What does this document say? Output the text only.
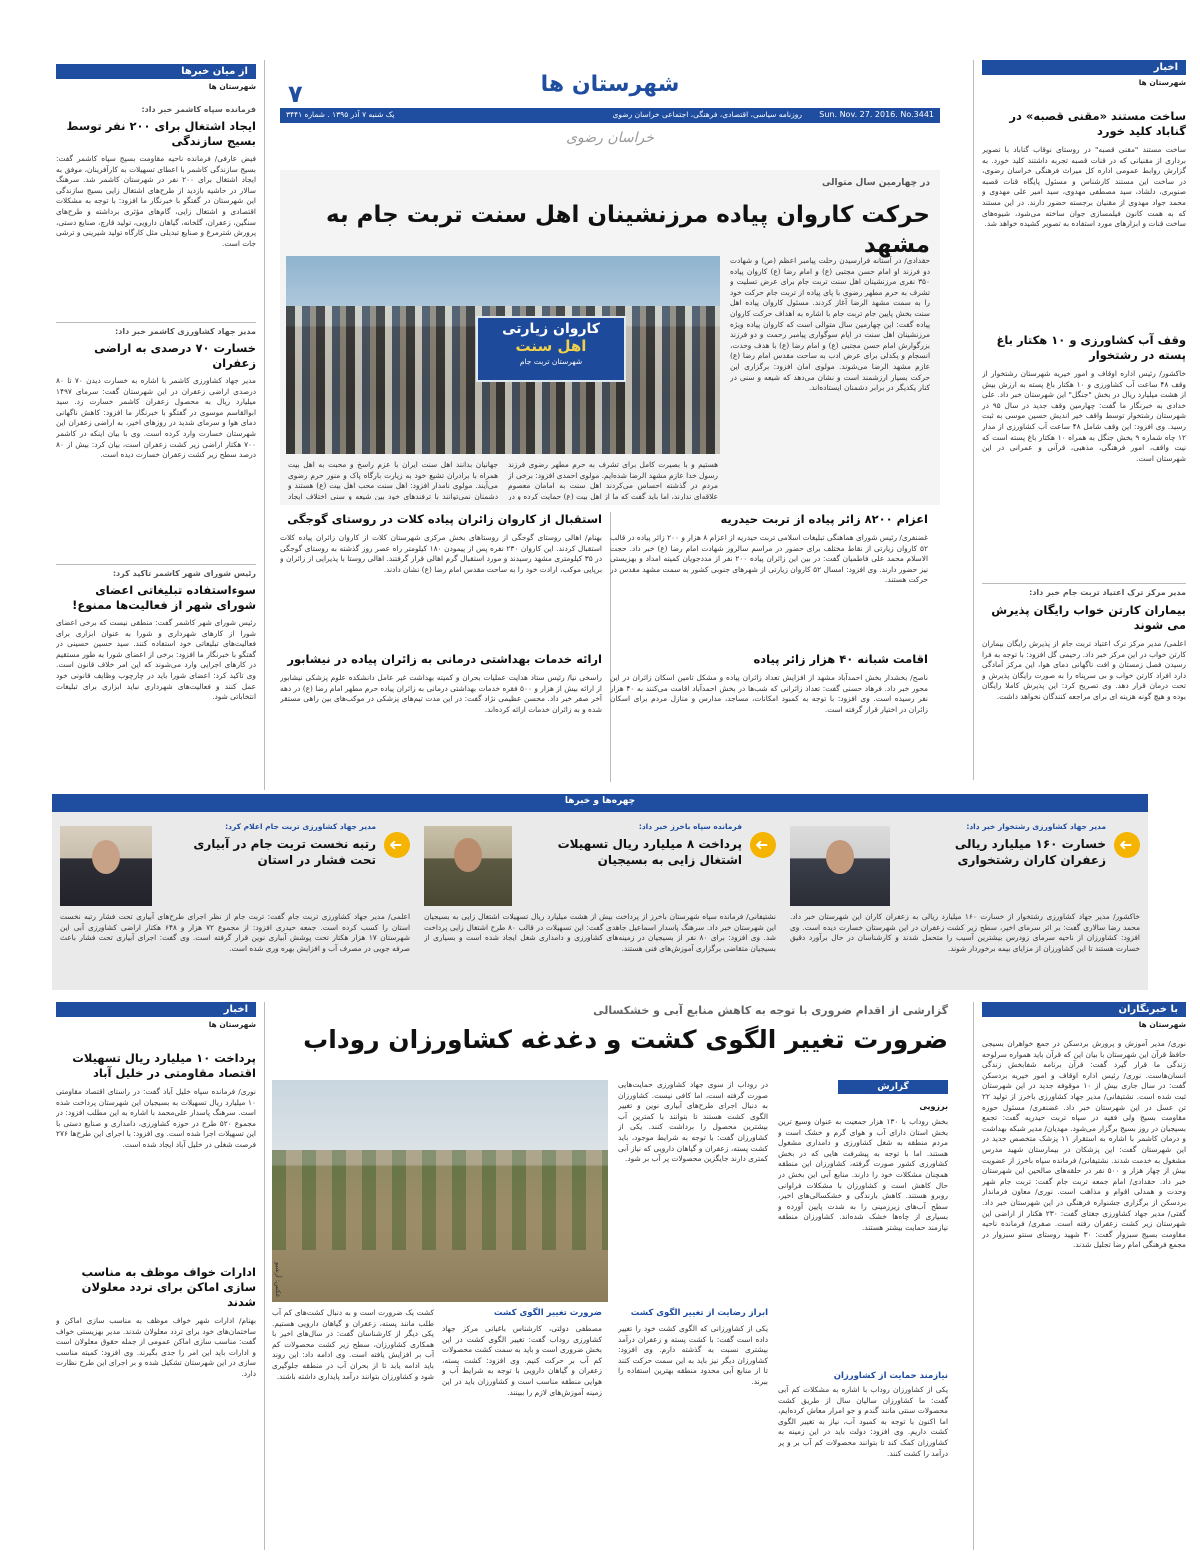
اخبار
شهرستان ها
ساخت مستند «مقنی قصبه» در گناباد کلید خورد
ساخت مستند "مقنی قصبه" در روستای نوقاب گناباد با تصویر برداری از مقنیانی که در قنات قصبه تجربه داشتند کلید خورد. به گزارش روابط عمومی اداره کل میراث فرهنگی خراسان رضوی، در ساخت این مستند کارشناس و مسئول پایگاه قنات قصبه صنوبری، دلشاد، سید مصطفی مهدوی، سید امیر علی مهدوی و محمد جواد مهدوی از مقنیان برجسته حضور دارند. در این مستند که به همت کانون فیلمسازی جوان ساخته می‌شود، شیوه‌های ساخت قنات و ابزارهای مورد استفاده به تصویر کشیده خواهد شد.
وقف آب کشاورزی و ۱۰ هکتار باغ پسته در رشتخوار
خاکشور/ رئیس اداره اوقاف و امور خیریه شهرستان رشتخوار از وقف ۴۸ ساعت آب کشاورزی و ۱۰ هکتار باغ پسته به ارزش بیش از هشت میلیارد ریال در بخش "جنگل" این شهرستان خبر داد. علی خدادی به خبرنگار ما گفت: چهارمین وقف جدید در سال ۹۵ در شهرستان رشتخوار توسط واقف خیر اندیش حسین موسی به ثبت رسید. وی افزود: این وقف شامل ۴۸ ساعت آب کشاورزی از مدار ۱۲ چاه شماره ۹ بخش جنگل به همراه ۱۰ هکتار باغ پسته است که نیت واقف، امور فرهنگی، مذهبی، قرآنی و عمرانی در این شهرستان است.
مدیر مرکز ترک اعتیاد تربت جام خبر داد:
بیماران کارتن خواب رایگان پذیرش می شوند
اعلمی/ مدیر مرکز ترک اعتیاد تربت جام از پذیرش رایگان بیماران کارتن خواب در این مرکز خبر داد. رحیمی گل افزود: با توجه به فرا رسیدن فصل زمستان و افت ناگهانی دمای هوا، این مرکز آمادگی دارد افراد کارتن خواب و بی سرپناه را به صورت رایگان پذیرش و تحت درمان قرار دهد. وی تصریح کرد: این پذیرش کاملا رایگان بوده و هیچ گونه هزینه ای برای مراجعه کنندگان نخواهد داشت.
از میان خبرها
شهرستان ها
فرمانده سپاه کاشمر خبر داد:
ایجاد اشتغال برای ۲۰۰ نفر توسط بسیج سازندگی
فیض عارفی/ فرمانده ناحیه مقاومت بسیج سپاه کاشمر گفت: بسیج سازندگی کاشمر با اعطای تسهیلات به کارآفرینان، موفق به ایجاد اشتغال برای ۲۰۰ نفر در شهرستان کاشمر شد. سرهنگ سالار در حاشیه بازدید از طرح‌های اشتغال زایی بسیج سازندگی این شهرستان در گفتگو با خبرنگار ما افزود: با توجه به مشکلات اقتصادی و اشتغال زایی، گام‌های مؤثری برداشته و طرح‌های سنگین، زعفران، گلخانه، گیاهان دارویی، تولید قارچ، صنایع دستی، پرورش شترمرغ و صنایع تبدیلی مثل کارگاه تولید شیرینی و ترشی جات است.
مدیر جهاد کشاورزی کاشمر خبر داد:
خسارت ۷۰ درصدی به اراضی زعفران
مدیر جهاد کشاورزی کاشمر با اشاره به خسارت دیدن ۷۰ تا ۸۰ درصدی اراضی زعفران در این شهرستان گفت: سرمای ۱۴۹۷ میلیارد ریال به محصول زعفران کاشمر خسارت زد. سید ابوالقاسم موسوی در گفتگو با خبرنگار ما افزود: کاهش ناگهانی دمای هوا و سرمای شدید در روزهای اخیر، به اراضی زعفران این شهرستان خسارت وارد کرده است. وی با بیان اینکه در کاشمر ۷۰۰ هکتار اراضی زیر کشت زعفران است، بیان کرد: بیش از ۸۰ درصد سطح زیر کشت زعفران خسارت دیده است.
رئیس شورای شهر کاشمر تاکید کرد:
سوءاستفاده تبلیغاتی اعضای شورای شهر از فعالیت‌ها ممنوع!
رئیس شورای شهر کاشمر گفت: منطقی نیست که برخی اعضای شورا از کارهای شهرداری و شورا به عنوان ابزاری برای فعالیت‌های تبلیغاتی خود استفاده کنند. سید حسین حسینی در گفتگو با خبرنگار ما افزود: برخی از اعضای شورا به طور مستقیم در کارهای اجرایی وارد می‌شوند که این امر خلاف قانون است. وی تاکید کرد: اعضای شورا باید در چارچوب وظایف قانونی خود عمل کنند و فعالیت‌های شهرداری نباید ابزاری برای تبلیغات انتخاباتی شود.
۷	شهرستان ها
Sun. Nov. 27. 2016. No.3441
روزنامه سیاسی، اقتصادی، فرهنگی، اجتماعی خراسان رضوی
یک شنبه ۷ آذر ۱۳۹۵ . شماره ۳۴۴۱
خراسان رضوی
در چهارمین سال متوالی
حرکت کاروان پیاده مرزنشینان اهل سنت تربت جام به مشهد
حقدادی/ در آستانه فرارسیدن رحلت پیامبر اعظم (ص) و شهادت دو فرزند او امام حسن مجتبی (ع) و امام رضا (ع) کاروان پیاده ۳۵۰ نفری مرزنشینان اهل سنت تربت جام برای عرض تسلیت و تشرف به حرم مطهر رضوی با پای پیاده از تربت جام حرکت خود را به سمت مشهد الرضا آغاز کردند. مسئول کاروان پیاده اهل سنت بخش پایین جام تربت جام با اشاره به اهداف حرکت کاروان پیاده گفت: این چهارمین سال متوالی است که کاروان پیاده ویژه مرزنشینان اهل سنت در ایام سوگواری پیامبر رحمت و دو فرزند بزرگوارش امام حسن مجتبی (ع) و امام رضا (ع) با هدف وحدت، انسجام و یکدلی برای عرض ادب به ساحت مقدس امام رضا (ع) عازم مشهد الرضا می‌شوند. مولوی امان افزود: برگزاری این حرکت بسیار ارزشمند است و نشان می‌دهد که شیعه و سنی در کنار یکدیگر در برابر دشمنان ایستاده‌اند.
کاروان زیارتی
اهل سنت
شهرستان تربت جام
هستیم و با بصیرت کامل برای تشرف به حرم مطهر رضوی فرزند رسول خدا عازم مشهد الرضا شده‌ایم. مولوی احمدی افزود: برخی از مردم در گذشته احساس می‌کردند اهل سنت به امامان معصوم علاقه‌ای ندارند، اما باید گفت که ما از اهل بیت (ع) حمایت کرده و در
جهانیان بدانند اهل سنت ایران با عزم راسخ و محبت به اهل بیت همراه با برادران تشیع خود به زیارت بارگاه پاک و منور حرم رضوی می‌آیند. مولوی نامدار افزود: اهل سنت محب اهل بیت (ع) هستند و دشمنان نمی‌توانند با ترفندهای خود بین شیعه و سنی اختلاف ایجاد
اعزام ۸۲۰۰ زائر پیاده از تربت حیدریه
غضنفری/ رئیس شورای هماهنگی تبلیغات اسلامی تربت حیدریه از اعزام ۸ هزار و ۲۰۰ زائر پیاده در قالب ۵۲ کاروان زیارتی از نقاط مختلف برای حضور در مراسم سالروز شهادت امام رضا (ع) خبر داد. حجت الاسلام محمد علی فاطمیان گفت: در بین این زائران پیاده ۲۰۰ نفر از مددجویان کمیته امداد و بهزیستی نیز حضور دارند. وی افزود: امسال ۵۲ کاروان زیارتی از شهرهای جنوبی کشور به سمت مشهد مقدس در حرکت هستند.
استقبال از کاروان زائران پیاده کلات در روستای گوجگی
بهنام/ اهالی روستای گوجگی از روستاهای بخش مرکزی شهرستان کلات از کاروان زائران پیاده کلات استقبال کردند. این کاروان ۲۳۰ نفره پس از پیمودن ۱۸۰ کیلومتر راه عصر روز گذشته به روستای گوجگی در ۳۵ کیلومتری مشهد رسیدند و مورد استقبال گرم اهالی قرار گرفتند. اهالی روستا با پذیرایی از زائران و برپایی موکب، ارادت خود را به ساحت مقدس امام رضا (ع) نشان دادند.
اقامت شبانه ۴۰ هزار زائر پیاده
ناصح/ بخشدار بخش احمدآباد مشهد از افزایش تعداد زائران پیاده و مشکل تامین اسکان زائران در این محور خبر داد. فرهاد حسنی گفت: تعداد زائرانی که شب‌ها در بخش احمدآباد اقامت می‌کنند به ۴۰ هزار نفر رسیده است. وی افزود: با توجه به کمبود امکانات، مساجد، مدارس و منازل مردم برای اسکان زائران در اختیار قرار گرفته است.
ارائه خدمات بهداشتی درمانی به زائران پیاده در نیشابور
راسخی نیا/ رئیس ستاد هدایت عملیات بحران و کمیته بهداشت غیر عامل دانشکده علوم پزشکی نیشابور از ارائه بیش از هزار و ۵۰۰ فقره خدمات بهداشتی درمانی به زائران پیاده حرم مطهر امام رضا (ع) در دهه آخر صفر خبر داد. محسن عظیمی نژاد گفت: در این مدت تیم‌های پزشکی در موکب‌های بین راهی مستقر شده و به زائران خدمات ارائه کرده‌اند.
چهره‌ها و خبرها
➜
مدیر جهاد کشاورزی رشتخوار خبر داد:
خسارت ۱۶۰ میلیارد ریالی زعفران کاران رشتخواری
خاکشور/ مدیر جهاد کشاورزی رشتخوار از خسارت ۱۶۰ میلیارد ریالی به زعفران کاران این شهرستان خبر داد. محمد رضا سالاری گفت: بر اثر سرمای اخیر، سطح زیر کشت زعفران در این شهرستان خسارت دیده است. وی افزود: کشاورزان از ناحیه سرمای زودرس بیشترین آسیب را متحمل شدند و کارشناسان در حال برآورد دقیق خسارت هستند تا این کشاورزان از مزایای بیمه برخوردار شوند.
➜
فرمانده سپاه باخرز خبر داد:
پرداخت ۸ میلیارد ریال تسهیلات اشتغال زایی به بسیجیان
نشتیفانی/ فرمانده سپاه شهرستان باخرز از پرداخت بیش از هشت میلیارد ریال تسهیلات اشتغال زایی به بسیجیان این شهرستان خبر داد. سرهنگ پاسدار اسماعیل جاهدی گفت: این تسهیلات در قالب ۸۰ طرح اشتغال زایی پرداخت شد. وی افزود: برای ۸۰ نفر از بسیجیان در زمینه‌های کشاورزی و دامداری شغل ایجاد شده است و بسیاری از بسیجیان متقاضی برگزاری آموزش‌های فنی هستند.
➜
مدیر جهاد کشاورزی تربت جام اعلام کرد:
رتبه نخست تربت جام در آبیاری تحت فشار در استان
اعلمی/ مدیر جهاد کشاورزی تربت جام گفت: تربت جام از نظر اجرای طرح‌های آبیاری تحت فشار رتبه نخست استان را کسب کرده است. جمعه حیدری افزود: از مجموع ۷۲ هزار و ۶۴۸ هکتار اراضی کشاورزی آبی این شهرستان ۱۷ هزار هکتار تحت پوشش آبیاری نوین قرار گرفته است. وی گفت: اجرای آبیاری تحت فشار باعث صرفه جویی در مصرف آب و افزایش بهره وری شده است.
با خبرنگاران
شهرستان ها
نوری/ مدیر آموزش و پرورش بردسکن در جمع خواهران بسیجی حافظ قرآن این شهرستان با بیان این که قرآن باید همواره سرلوحه زندگی ما قرار گیرد گفت: قرآن برنامه شفابخش زندگی انسان‌هاست. نوری/ رئیس اداره اوقاف و امور خیریه بردسکن گفت: در سال جاری بیش از ۱۰ موقوفه جدید در این شهرستان ثبت شده است. نشتیفانی/ مدیر جهاد کشاورزی باخرز از تولید ۲۲ تن عسل در این شهرستان خبر داد. غضنفری/ مسئول حوزه مقاومت بسیج ولی فقیه در سپاه تربت حیدریه گفت: تجمع بسیجیان در روز بسیج برگزار می‌شود. مهدیان/ مدیر شبکه بهداشت و درمان کاشمر با اشاره به استقرار ۱۱ پزشک متخصص جدید در این شهرستان گفت: این پزشکان در بیمارستان شهید مدرس مشغول به خدمت شدند. نشتیفانی/ فرمانده سپاه باخرز از عضویت بیش از چهار هزار و ۵۰۰ نفر در حلقه‌های صالحین این شهرستان خبر داد. حقدادی/ امام جمعه تربت جام گفت: تربت جام شهر وحدت و همدلی اقوام و مذاهب است. نوری/ معاون فرماندار بردسکن از برگزاری جشنواره فرهنگی در این شهرستان خبر داد. گفتی/ مدیر جهاد کشاورزی جغتای گفت: ۲۳۰ هکتار از اراضی این شهرستان زیر کشت زعفران رفته است. صفری/ فرمانده ناحیه مقاومت بسیج سبزوار گفت: ۳۰ شهید روستای سنتو سبزوار در مجمع فرهنگی امام رضا تجلیل شدند.
اخبار
شهرستان ها
پرداخت ۱۰ میلیارد ریال تسهیلات اقتصاد مقاومتی در خلیل آباد
نوری/ فرمانده سپاه خلیل آباد گفت: در راستای اقتصاد مقاومتی ۱۰ میلیارد ریال تسهیلات به بسیجیان این شهرستان پرداخت شده است. سرهنگ پاسدار علی‌محمد با اشاره به این مطلب افزود: در مجموع ۵۲۰ طرح در حوزه کشاورزی، دامداری و صنایع دستی با این تسهیلات اجرا شده است. وی افزود: با اجرای این طرح‌ها ۲۷۶ فرصت شغلی در خلیل آباد ایجاد شده است.
ادارات خواف موظف به مناسب سازی اماکن برای تردد معلولان شدند
بهنام/ ادارات شهر خواف موظف به مناسب سازی اماکن و ساختمان‌های خود برای تردد معلولان شدند. مدیر بهزیستی خواف گفت: مناسب سازی اماکن عمومی از جمله حقوق معلولان است و ادارات باید این امر را جدی بگیرند. وی افزود: کمیته مناسب سازی در این شهرستان تشکیل شده و بر اجرای این طرح نظارت دارد.
گزارشی از اقدام ضروری با توجه به کاهش منابع آبی و خشکسالی
ضرورت تغییر الگوی کشت و دغدغه کشاورزان روداب
گزارش
برزویی
بخش روداب با ۱۳۰ هزار جمعیت به عنوان وسیع ترین بخش استان دارای آب و هوای گرم و خشک است و مردم منطقه به شغل کشاورزی و دامداری مشغول هستند. اما با توجه به پیشرفت هایی که در بخش کشاورزی کشور صورت گرفته، کشاورزان این منطقه همچنان مشکلات خود را دارند. منابع آبی این بخش در حال کاهش است و کشاورزان با مشکلات فراوانی روبرو هستند. کاهش بارندگی و خشکسالی‌های اخیر، سطح آب‌های زیرزمینی را به شدت پایین آورده و بسیاری از چاه‌ها خشک شده‌اند. کشاورزان منطقه نیازمند حمایت بیشتر هستند.
نیازمند حمایت از کشاورزان
یکی از کشاورزان روداب با اشاره به مشکلات کم آبی گفت: ما کشاورزان سالیان سال از طریق کشت محصولات سنتی مانند گندم و جو امرار معاش کرده‌ایم، اما اکنون با توجه به کمبود آب، نیاز به تغییر الگوی کشت داریم. وی افزود: دولت باید در این زمینه به کشاورزان کمک کند تا بتوانند محصولات کم آب بر و پر درآمد را کشت کنند.
در روداب از سوی جهاد کشاورزی حمایت‌هایی صورت گرفته است، اما کافی نیست. کشاورزان به دنبال اجرای طرح‌های آبیاری نوین و تغییر الگوی کشت هستند تا بتوانند با کمترین آب بیشترین محصول را برداشت کنند. یکی از کشاورزان گفت: با توجه به شرایط موجود، باید کشت پسته، زعفران و گیاهان دارویی که نیاز آبی کمتری دارند جایگزین محصولات پر آب بر شود.
عکس: آرشیو
ابراز رضایت از تغییر الگوی کشت
یکی از کشاورزانی که الگوی کشت خود را تغییر داده است گفت: با کشت پسته و زعفران درآمد بیشتری نسبت به گذشته دارم. وی افزود: کشاورزان دیگر نیز باید به این سمت حرکت کنند تا از منابع آبی محدود منطقه بهترین استفاده را ببرند.
ضرورت تغییر الگوی کشت
مصطفی دولتی، کارشناس باغبانی مرکز جهاد کشاورزی روداب گفت: تغییر الگوی کشت در این بخش ضروری است و باید به سمت کشت محصولات کم آب بر حرکت کنیم. وی افزود: کشت پسته، زعفران و گیاهان دارویی با توجه به شرایط آب و هوایی منطقه مناسب است و کشاورزان باید در این زمینه آموزش‌های لازم را ببینند.
کشت یک ضرورت است و به دنبال کشت‌های کم آب طلب مانند پسته، زعفران و گیاهان دارویی هستیم. یکی دیگر از کارشناسان گفت: در سال‌های اخیر با همکاری کشاورزان، سطح زیر کشت محصولات کم آب بر افزایش یافته است. وی ادامه داد: این روند باید ادامه یابد تا از بحران آب در منطقه جلوگیری شود و کشاورزان بتوانند درآمد پایداری داشته باشند.
